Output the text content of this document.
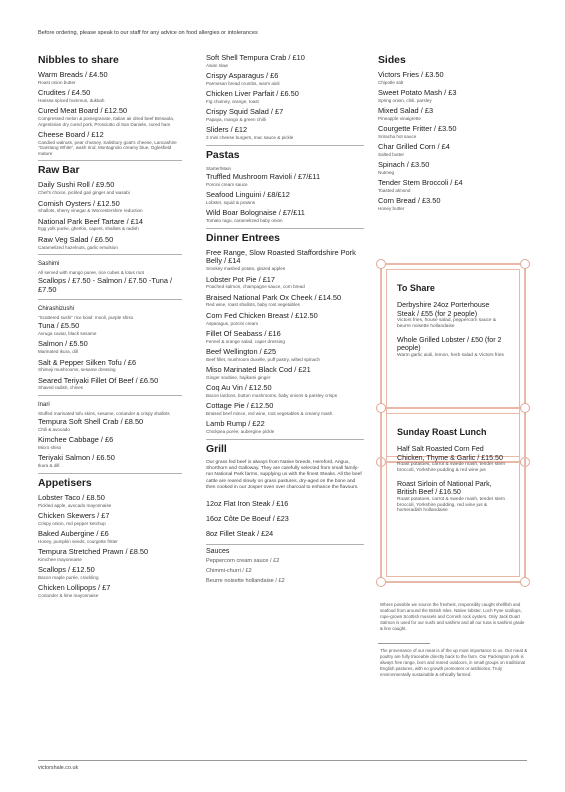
Before ordering, please speak to our staff for any advice on food allergies or intolerances
Nibbles to share
Warm Breads / £4.50
Roast onion butter
Crudites / £4.50
Harissa spiced hummus, dukkah
Cured Meat Board / £12.50
Compressed melon & pomegranate, Italian air dried beef Bresaola, Argentinian dry cured pork, Prosciutto di San Daniele, cured ham
Cheese Board / £12
Candied walnuts, pear chutney, Salisbury goat's cheese, Lancashire "Garstang White", wash rind, Montagnolo creamy blue, Oglesfield mature
Raw Bar
Daily Sushi Roll / £9.50
Chef's choice, pickled gari ginger and wasabi
Cornish Oysters / £12.50
Shallots, sherry vinegar & Worcestershire reduction
National Park Beef Tartare / £14
Egg yolk purée, gherkin, capers, shallots & radish
Raw Veg Salad / £6.50
Caramelized hazelnuts, garlic emulsion
Sashimi
All served with mango puree, rice cubes & lotus root
Scallops / £7.50 - Salmon / £7.50 -Tuna / £7.50
Chirashizushi
"Scattered sushi" rice bowl: mooli, purple shiso
Tuna / £5.50
Avruga caviar, black sesame
Salmon / £5.50
Marinated ikura, dill
Salt & Pepper Silken Tofu / £6
Shimeji mushrooms, sesame dressing
Seared Teriyaki Fillet Of Beef / £6.50
Shaved radish, chives
Inari
Stuffed marinated tofu skins, sesame, coriander & crispy shallots
Tempura Soft Shell Crab / £8.50
Chili & avocado
Kimchee Cabbage / £6
Micro shiso
Teriyaki Salmon / £6.50
Ikura & dill
Appetisers
Lobster Taco / £8.50
Pickled apple, avocado mayonnaise
Chicken Skewers / £7
Crispy onion, red pepper ketchup
Baked Aubergine / £6
Honey, pumpkin seeds, courgette fritter
Tempura Stretched Prawn / £8.50
Kimchee mayonnaise
Scallops / £12.50
Bacon maple purée, crackling
Chicken Lollipops / £7
Coriander & lime mayonnaise
Soft Shell Tempura Crab / £10
Asian slaw
Crispy Asparagus / £6
Parmesan bread crumbs, warm aioli
Chicken Liver Parfait / £6.50
Fig chutney, orange, toast
Crispy Squid Salad / £7
Papaya, mango & green chilli
Sliders / £12
3 mini cheese burgers, mac sauce & pickle
Pastas
Starter/Main
Truffled Mushroom Ravioli / £7/£11
Porcini cream sauce
Seafood Linguini / £8/£12
Lobster, squid & prawns
Wild Boar Bolognaise / £7/£11
Tomato ragu, caramelized baby onion
Dinner Entrees
Free Range, Slow Roasted Staffordshire Pork Belly / £14
Smokey mashed potato, glazed apples
Lobster Pot Pie / £17
Poached salmon, champagne sauce, corn bread
Braised National Park Ox Cheek / £14.50
Red wine, roast shallots, baby root vegetables
Corn Fed Chicken Breast / £12.50
Asparagus, porcini cream
Fillet Of Seabass / £16
Fennel & orange salad, caper dressing
Beef Wellington / £25
Beef fillet, mushroom duxelle, puff pastry, wilted spinach
Miso Marinated Black Cod / £21
Ginger soubise, hajikami ginger
Coq Au Vin / £12.50
Bacon lardons, button mushrooms, baby onions & parsley crisps
Cottage Pie / £12.50
Braised beef mince, red wine, root vegetables & creamy mash
Lamb Rump / £22
Chickpea purée, aubergine pickle
Grill
Our grass fed beef is always from Native breeds, Hereford, Angus, Shorthorn and Galloway. They are carefully selected from small family-run National Park farms, supplying us with the finest Steaks. All the beef cattle are reared slowly on grass pastures, dry-aged on the bone and then cooked in our Josper oven over charcoal to enhance the flavours.
12oz Flat Iron Steak / £16
16oz Côte De Boeuf / £23
8oz Fillet Steak / £24
Sauces
Peppercorn cream sauce / £2
Chimmi-churri / £2
Beurre noisette hollandaise / £2
Sides
Victors Fries / £3.50
Chipotle salt
Sweet Potato Mash / £3
Spring onion, chili, parsley
Mixed Salad / £3
Pineapple vinaigrette
Courgette Fritter / £3.50
Sriracha hot sauce
Char Grilled Corn / £4
Salted butter
Spinach / £3.50
Nutmeg
Tender Stem Broccoli / £4
Toasted almond
Corn Bread / £3.50
Honey butter
To Share
Derbyshire 24oz Porterhouse Steak / £55 (for 2 people)
Victors fries, house salad, peppercorn sauce & beurre noisette hollandaise
Whole Grilled Lobster / £50 (for 2 people)
Warm garlic aioli, lemon, herb salad & Victors fries
Sunday Roast Lunch
Half Salt Roasted Corn Fed Chicken, Thyme & Garlic / £15.50
Roast potatoes, carrot & swede mash, tender stem broccoli, Yorkshire pudding & red wine jus
Roast Sirloin of National Park, British Beef / £16.50
Roast potatoes, carrot & swede mash, tender stem broccoli, Yorkshire pudding, red wine jus & horseradish hollandaise
Where possible we source the freshest, responsibly caught shellfish and seafood from around the British Isles. Native lobster, Loch Fyne scallops, rope-grown Scottish mussels and Cornish rock oysters. Only Jack Duart Salmon is used for our sushi and sashimi and all our tuna is sashimi grade & line caught.
The provenance of our meat is of the up most importance to us. Our meat & poultry are fully traceable directly back to the farm. Our Packington pork is always free range, born and reared outdoors, in small groups on traditional English pastures, with no growth promoters or antibiotics. Truly environmentally sustainable & ethically farmed.
victorshale.co.uk
